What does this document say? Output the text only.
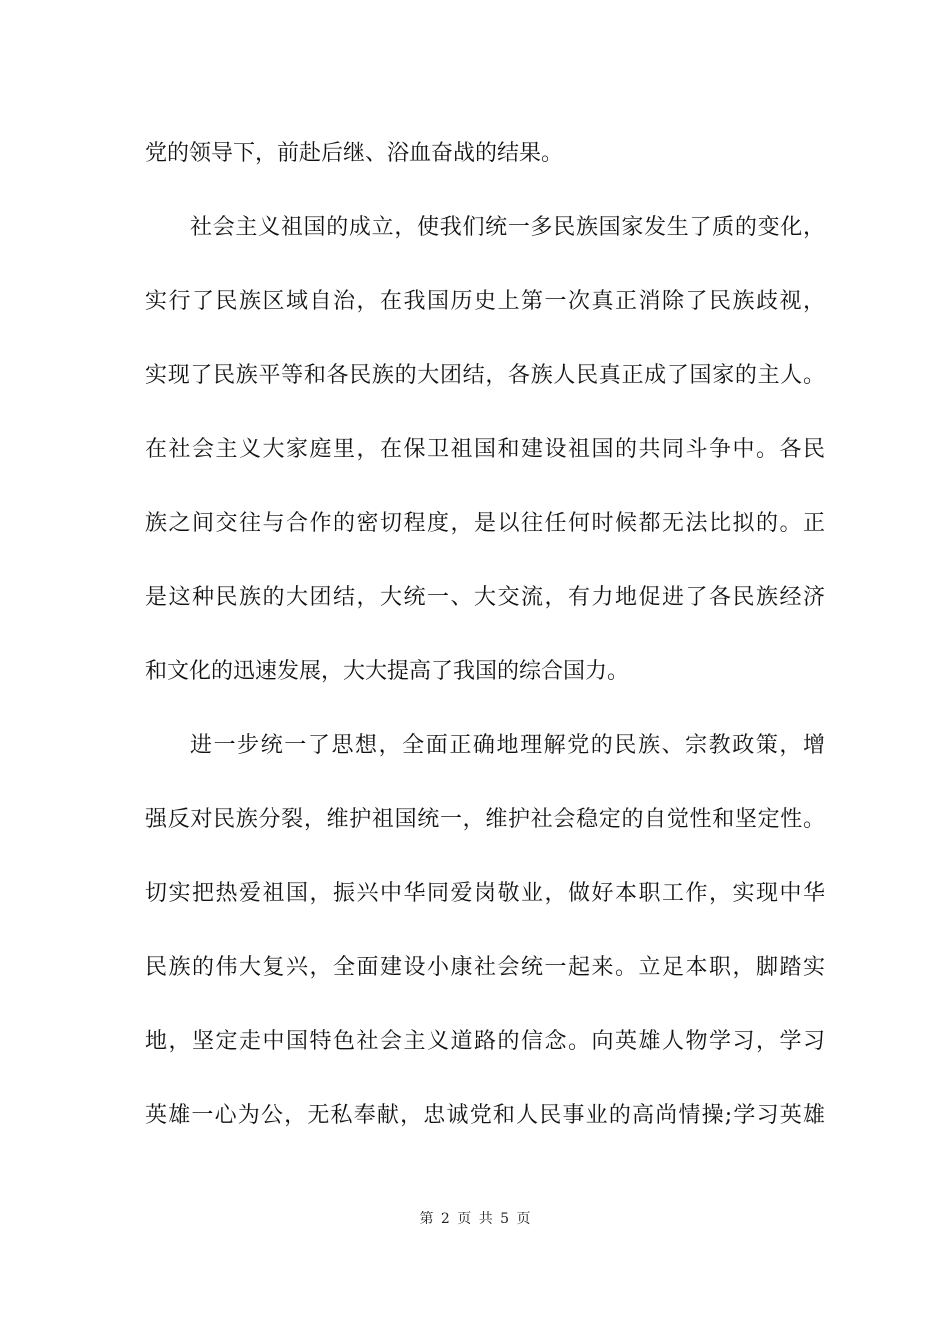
党的领导下，前赴后继、浴血奋战的结果。
社会主义祖国的成立，使我们统一多民族国家发生了质的变化，
实行了民族区域自治，在我国历史上第一次真正消除了民族歧视，
实现了民族平等和各民族的大团结，各族人民真正成了国家的主人。
在社会主义大家庭里，在保卫祖国和建设祖国的共同斗争中。各民
族之间交往与合作的密切程度，是以往任何时候都无法比拟的。正
是这种民族的大团结，大统一、大交流，有力地促进了各民族经济
和文化的迅速发展，大大提高了我国的综合国力。
进一步统一了思想，全面正确地理解党的民族、宗教政策，增
强反对民族分裂，维护祖国统一，维护社会稳定的自觉性和坚定性。
切实把热爱祖国，振兴中华同爱岗敬业，做好本职工作，实现中华
民族的伟大复兴，全面建设小康社会统一起来。立足本职，脚踏实
地，坚定走中国特色社会主义道路的信念。向英雄人物学习，学习
英雄一心为公，无私奉献，忠诚党和人民事业的高尚情操;学习英雄
第 2 页 共 5 页
